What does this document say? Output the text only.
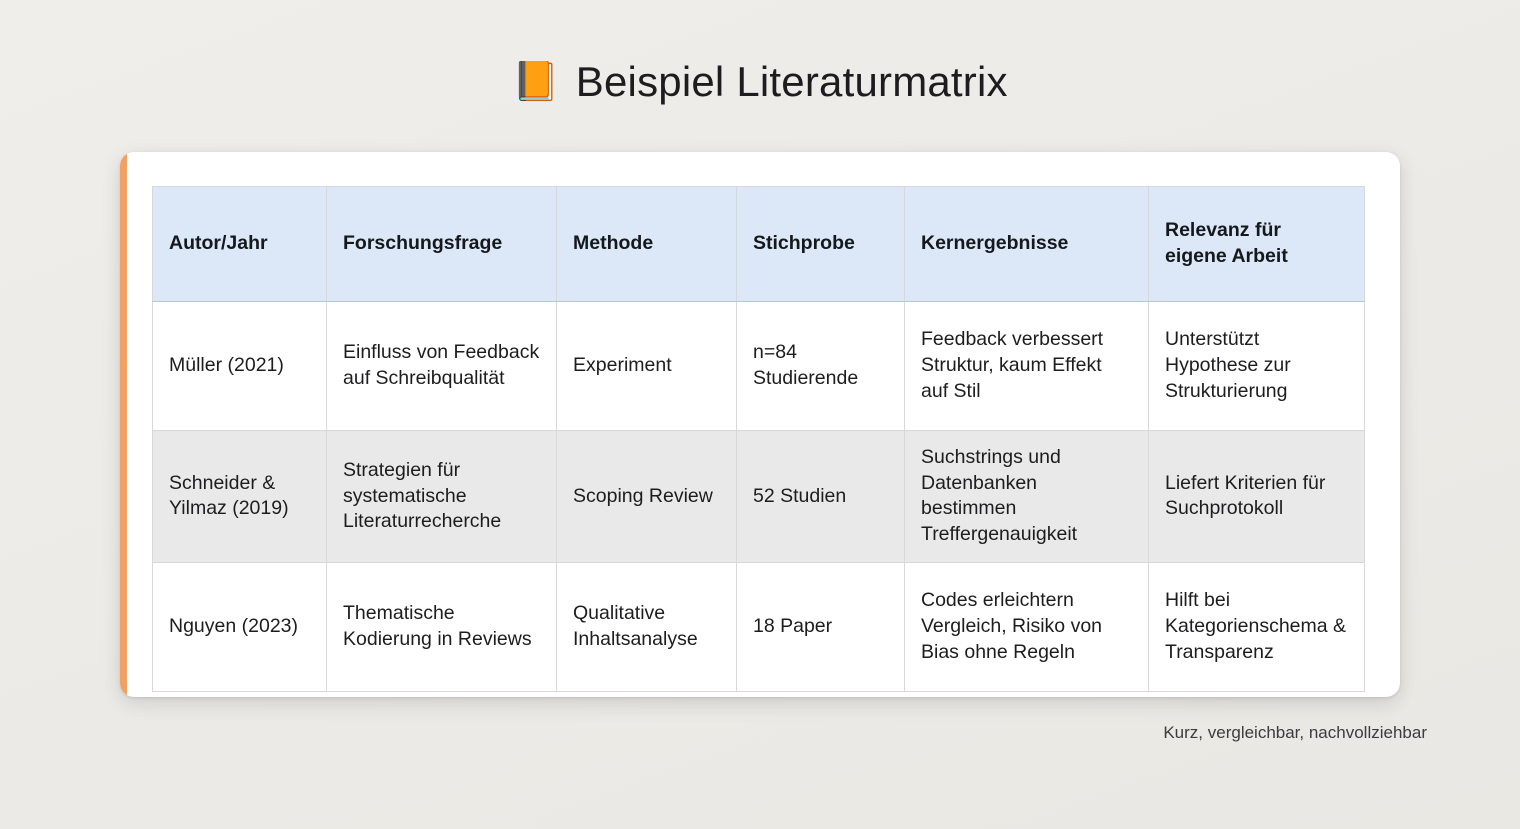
📙 Beispiel Literaturmatrix
Autor/Jahr	Forschungsfrage	Methode	Stichprobe	Kernergebnisse	Relevanz für eigene Arbeit
Müller (2021)	Einfluss von Feedback auf Schreibqualität	Experiment	n=84 Studierende	Feedback verbessert Struktur, kaum Effekt auf Stil	Unterstützt Hypothese zur Strukturierung
Schneider & Yilmaz (2019)	Strategien für systematische Literaturrecherche	Scoping Review	52 Studien	Suchstrings und Datenbanken bestimmen Treffergenauigkeit	Liefert Kriterien für Suchprotokoll
Nguyen (2023)	Thematische Kodierung in Reviews	Qualitative Inhaltsanalyse	18 Paper	Codes erleichtern Vergleich, Risiko von Bias ohne Regeln	Hilft bei Kategorienschema & Transparenz
Kurz, vergleichbar, nachvollziehbar
